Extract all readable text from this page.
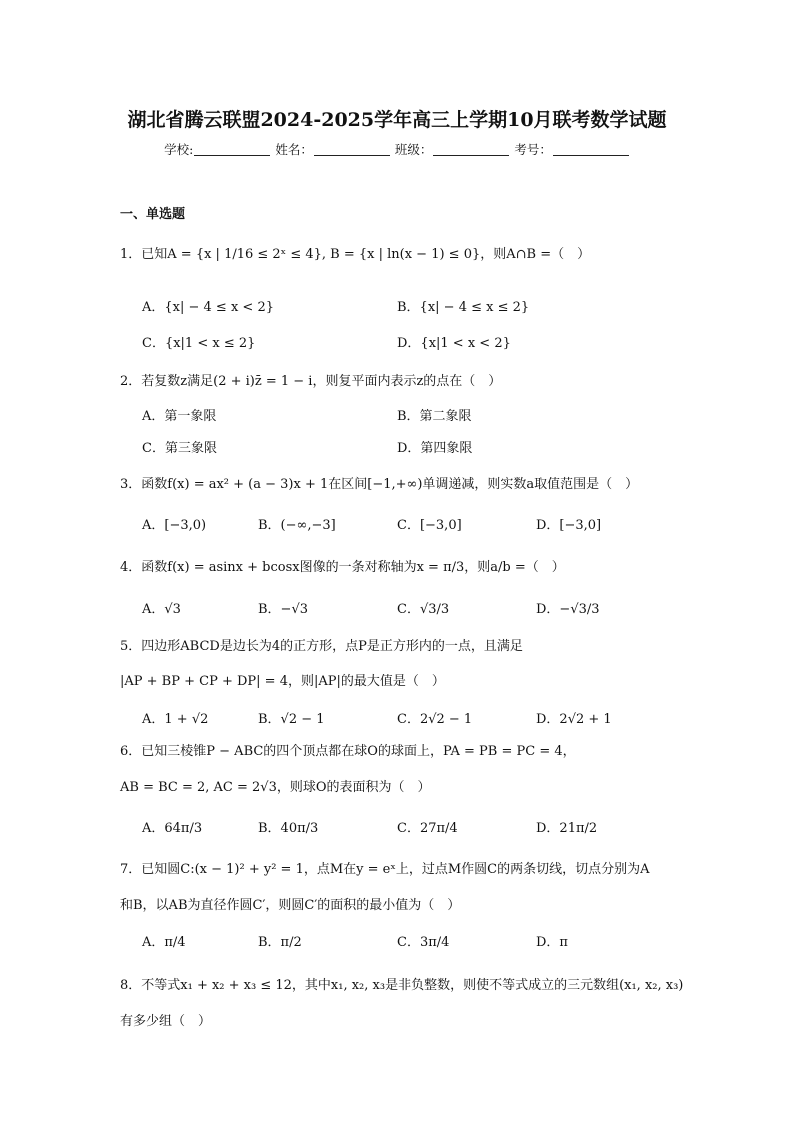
湖北省腾云联盟2024-2025学年高三上学期10月联考数学试题
学校:	姓名：	班级：	考号：
一、单选题
1．已知A = {x | 1/16 ≤ 2ˣ ≤ 4}, B = {x | ln(x − 1) ≤ 0}，则A∩B =（　）
A．{x| − 4 ≤ x < 2}	B．{x| − 4 ≤ x ≤ 2}
C．{x|1 < x ≤ 2}	D．{x|1 < x < 2}
2．若复数z满足(2 + i)z̄ = 1 − i，则复平面内表示z的点在（　）
A．第一象限	B．第二象限
C．第三象限	D．第四象限
3．函数f(x) = ax² + (a − 3)x + 1在区间[−1,+∞)单调递减，则实数a取值范围是（　）
A．[−3,0)	B．(−∞,−3]	C．[−3,0]	D．[−3,0]
4．函数f(x) = asinx + bcosx图像的一条对称轴为x = π/3，则a/b =（　）
A．√3	B．−√3	C．√3/3	D．−√3/3
5．四边形ABCD是边长为4的正方形，点P是正方形内的一点，且满足
|AP + BP + CP + DP| = 4，则|AP|的最大值是（　）
A．1 + √2	B．√2 − 1	C．2√2 − 1	D．2√2 + 1
6．已知三棱锥P − ABC的四个顶点都在球O的球面上，PA = PB = PC = 4，
AB = BC = 2, AC = 2√3，则球O的表面积为（　）
A．64π/3	B．40π/3	C．27π/4	D．21π/2
7．已知圆C:(x − 1)² + y² = 1，点M在y = eˣ上，过点M作圆C的两条切线，切点分别为A
和B，以AB为直径作圆C′，则圆C′的面积的最小值为（　）
A．π/4	B．π/2	C．3π/4	D．π
8．不等式x₁ + x₂ + x₃ ≤ 12，其中x₁, x₂, x₃是非负整数，则使不等式成立的三元数组(x₁, x₂, x₃)
有多少组（　）
